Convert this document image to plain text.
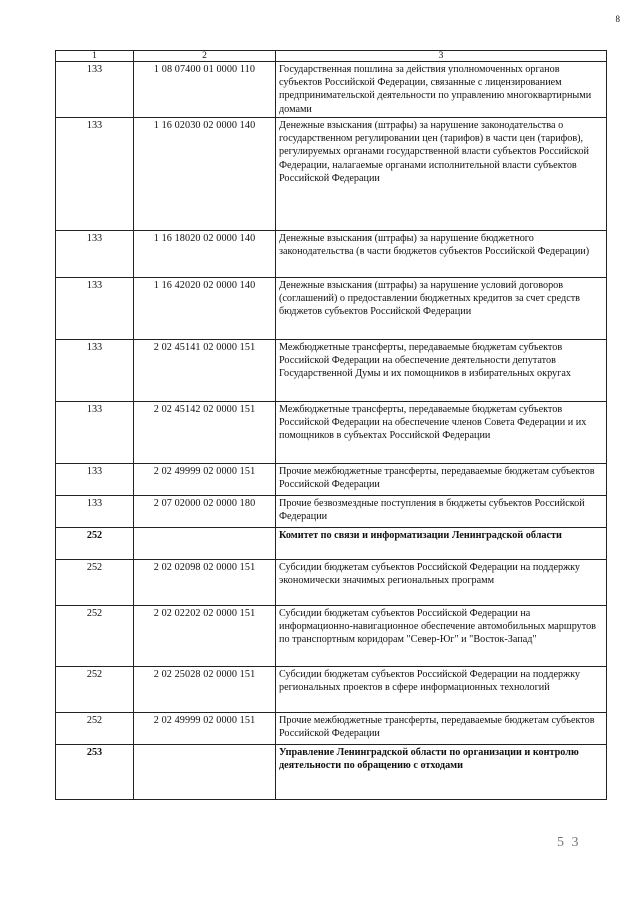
8
1	2	3
133	1 08 07400 01 0000 110	Государственная пошлина за действия уполномоченных органов субъектов Российской Федерации, связанные с лицензированием предпринимательской деятельности по управлению многоквартирными домами
133	1 16 02030 02 0000 140	Денежные взыскания (штрафы) за нарушение законодательства о государственном регулировании цен (тарифов) в части цен (тарифов), регулируемых органами государственной власти субъектов Российской Федерации, налагаемые органами исполнительной власти субъектов Российской Федерации
133	1 16 18020 02 0000 140	Денежные взыскания (штрафы) за нарушение бюджетного законодательства (в части бюджетов субъектов Российской Федерации)
133	1 16 42020 02 0000 140	Денежные взыскания (штрафы) за нарушение условий договоров (соглашений) о предоставлении бюджетных кредитов за счет средств бюджетов субъектов Российской Федерации
133	2 02 45141 02 0000 151	Межбюджетные трансферты, передаваемые бюджетам субъектов Российской Федерации на обеспечение деятельности депутатов Государственной Думы и их помощников в избирательных округах
133	2 02 45142 02 0000 151	Межбюджетные трансферты, передаваемые бюджетам субъектов Российской Федерации на обеспечение членов Совета Федерации и их помощников в субъектах Российской Федерации
133	2 02 49999 02 0000 151	Прочие межбюджетные трансферты, передаваемые бюджетам субъектов Российской Федерации
133	2 07 02000 02 0000 180	Прочие безвозмездные поступления в бюджеты субъектов Российской Федерации
252		Комитет по связи и информатизации Ленинградской области
252	2 02 02098 02 0000 151	Субсидии бюджетам субъектов Российской Федерации на поддержку экономически значимых региональных программ
252	2 02 02202 02 0000 151	Субсидии бюджетам субъектов Российской Федерации на информационно-навигационное обеспечение автомобильных маршрутов по транспортным коридорам "Север-Юг" и "Восток-Запад"
252	2 02 25028 02 0000 151	Субсидии бюджетам субъектов Российской Федерации на поддержку региональных проектов в сфере информационных технологий
252	2 02 49999 02 0000 151	Прочие межбюджетные трансферты, передаваемые бюджетам субъектов Российской Федерации
253		Управление Ленинградской области по организации и контролю деятельности по обращению с отходами
5 3
